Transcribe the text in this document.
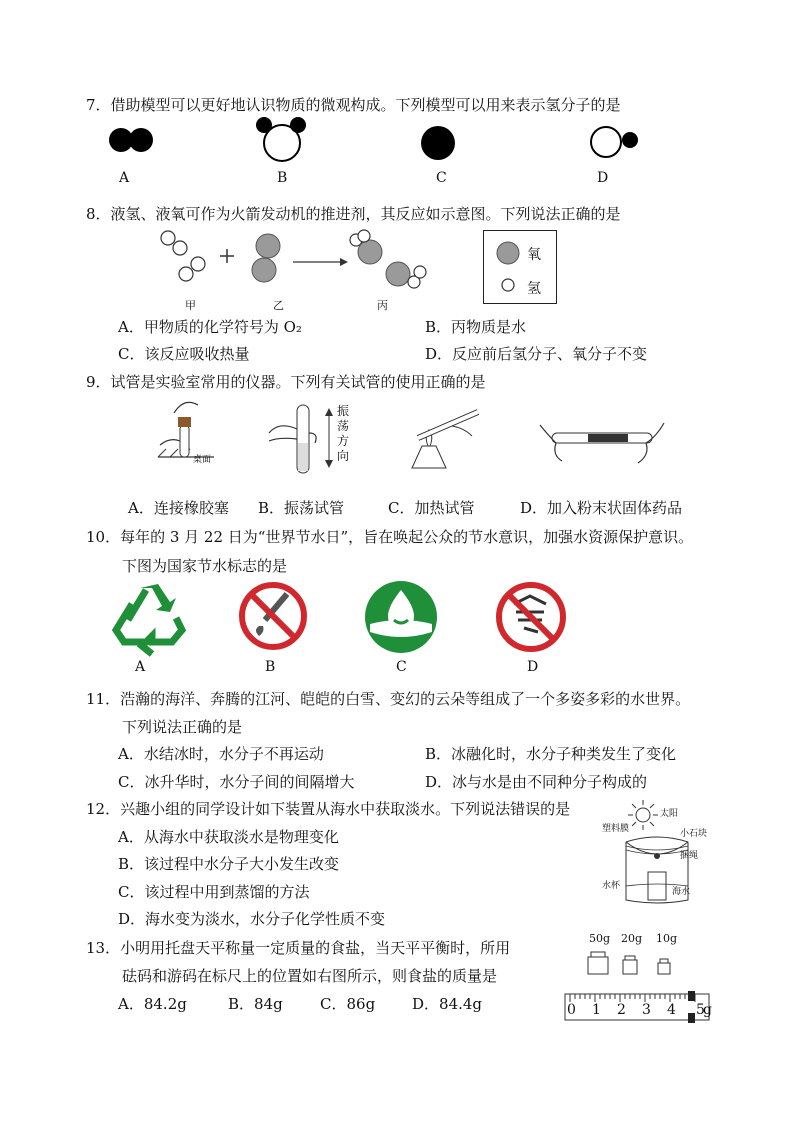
7．借助模型可以更好地认识物质的微观构成。下列模型可以用来表示氢分子的是
A	B	C	D
8．液氢、液氧可作为火箭发动机的推进剂，其反应如示意图。下列说法正确的是
甲	乙	丙
氧
氢
A．甲物质的化学符号为 O₂	B．丙物质是水
C．该反应吸收热量	D．反应前后氢分子、氧分子不变
9．试管是实验室常用的仪器。下列有关试管的使用正确的是
桌面
振荡方向
A．连接橡胶塞 B．振荡试管	C．加热试管	D．加入粉末状固体药品
10．每年的 3 月 22 日为“世界节水日”，旨在唤起公众的节水意识，加强水资源保护意识。
下图为国家节水标志的是
A	B	C	D
11．浩瀚的海洋、奔腾的江河、皑皑的白雪、变幻的云朵等组成了一个多姿多彩的水世界。
下列说法正确的是
A．水结冰时，水分子不再运动	B．冰融化时，水分子种类发生了变化
C．冰升华时，水分子间的间隔增大	D．冰与水是由不同种分子构成的
12．兴趣小组的同学设计如下装置从海水中获取淡水。下列说法错误的是
A．从海水中获取淡水是物理变化
B．该过程中水分子大小发生改变
C．该过程中用到蒸馏的方法
D．海水变为淡水，水分子化学性质不变
太阳
塑料膜	小石块
捆绳
水杯
海水
13．小明用托盘天平称量一定质量的食盐，当天平平衡时，所用
砝码和游码在标尺上的位置如右图所示，则食盐的质量是
A．84.2g	B．84g C．86g D．84.4g
50g 20g 10g
0 1 2 3 4 5
g
